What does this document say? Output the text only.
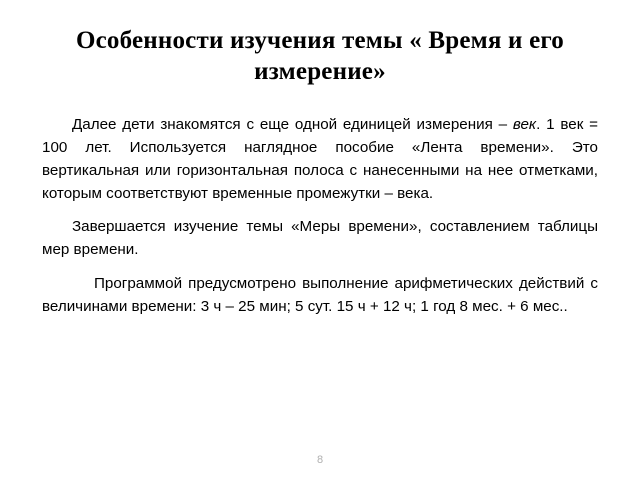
Особенности изучения темы « Время и его измерение»

Далее дети знакомятся с еще одной единицей измерения – век. 1 век = 100 лет. Используется наглядное пособие «Лента времени». Это вертикальная или горизонтальная полоса с нанесенными на нее отметками, которым соответствуют временные промежутки – века.

Завершается изучение темы «Меры времени», составлением таблицы мер времени.

Программой предусмотрено выполнение арифметических действий с величинами времени: 3 ч – 25 мин; 5 сут. 15 ч + 12 ч; 1 год 8 мес. + 6 мес..

8
